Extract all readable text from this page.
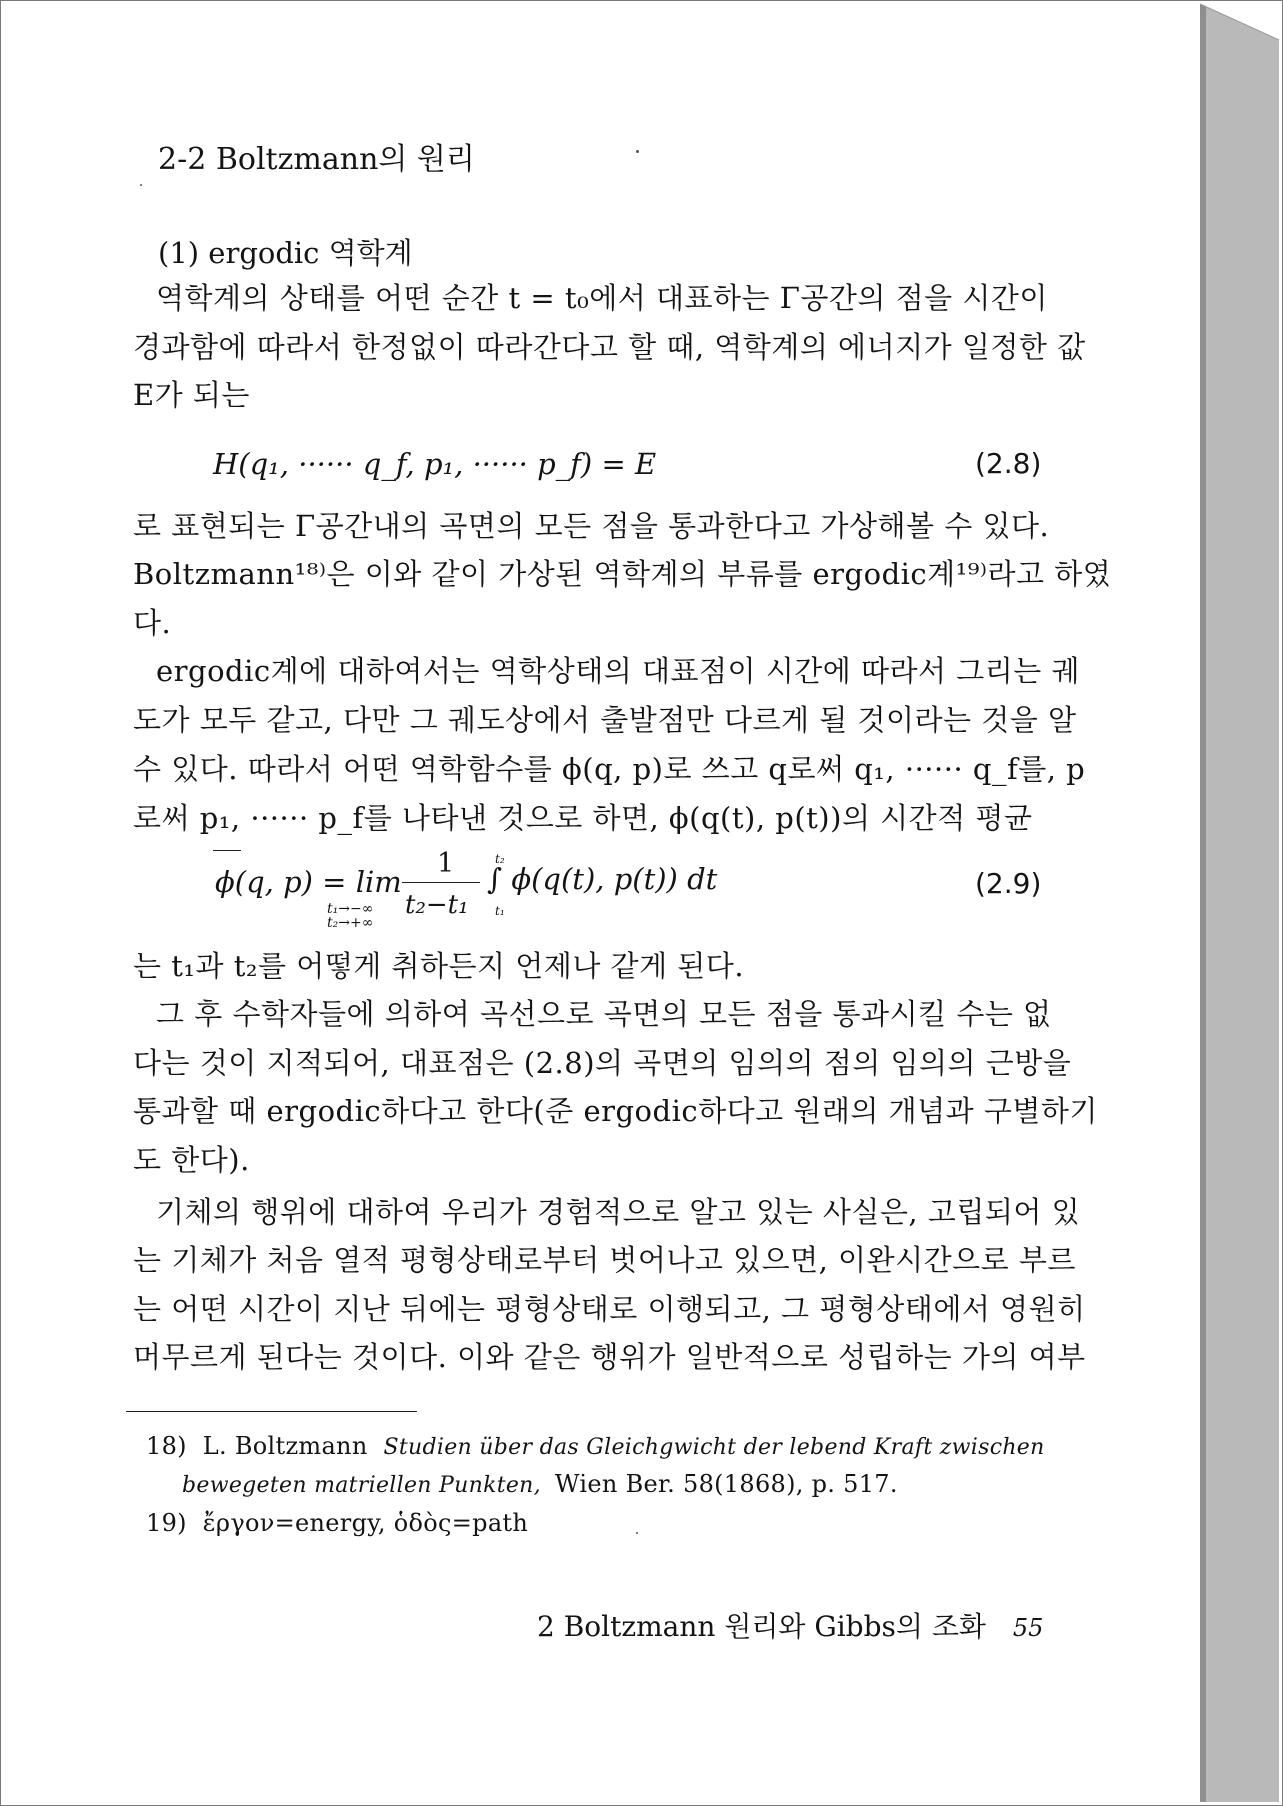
2-2 Boltzmann의 원리
(1) ergodic 역학계
역학계의 상태를 어떤 순간 t = t₀에서 대표하는 Γ공간의 점을 시간이
경과함에 따라서 한정없이 따라간다고 할 때, 역학계의 에너지가 일정한 값
E가 되는
H(q₁, ······ q_f, p₁, ······ p_f) = E	(2.8)
로 표현되는 Γ공간내의 곡면의 모든 점을 통과한다고 가상해볼 수 있다.
Boltzmann¹⁸⁾은 이와 같이 가상된 역학계의 부류를 ergodic계¹⁹⁾라고 하였
다.
ergodic계에 대하여서는 역학상태의 대표점이 시간에 따라서 그리는 궤
도가 모두 같고, 다만 그 궤도상에서 출발점만 다르게 될 것이라는 것을 알
수 있다. 따라서 어떤 역학함수를 ϕ(q, p)로 쓰고 q로써 q₁, ······ q_f를, p
로써 p₁, ······ p_f를 나타낸 것으로 하면, ϕ(q(t), p(t))의 시간적 평균
ϕ(q, p) = lim
t₁→−∞ t₂→+∞
1
t₂−t₁
t₂
t₁
∫ ϕ(q(t), p(t)) dt	(2.9)
는 t₁과 t₂를 어떻게 취하든지 언제나 같게 된다.
그 후 수학자들에 의하여 곡선으로 곡면의 모든 점을 통과시킬 수는 없
다는 것이 지적되어, 대표점은 (2.8)의 곡면의 임의의 점의 임의의 근방을
통과할 때 ergodic하다고 한다(준 ergodic하다고 원래의 개념과 구별하기
도 한다).
기체의 행위에 대하여 우리가 경험적으로 알고 있는 사실은, 고립되어 있
는 기체가 처음 열적 평형상태로부터 벗어나고 있으면, 이완시간으로 부르
는 어떤 시간이 지난 뒤에는 평형상태로 이행되고, 그 평형상태에서 영원히
머무르게 된다는 것이다. 이와 같은 행위가 일반적으로 성립하는 가의 여부
18) L. Boltzmann Studien über das Gleichgwicht der lebend Kraft zwischen
bewegeten matriellen Punkten, Wien Ber. 58(1868), p. 517.
19) ἔργον=energy, ὁδὸς=path
2 Boltzmann 원리와 Gibbs의 조화 55
